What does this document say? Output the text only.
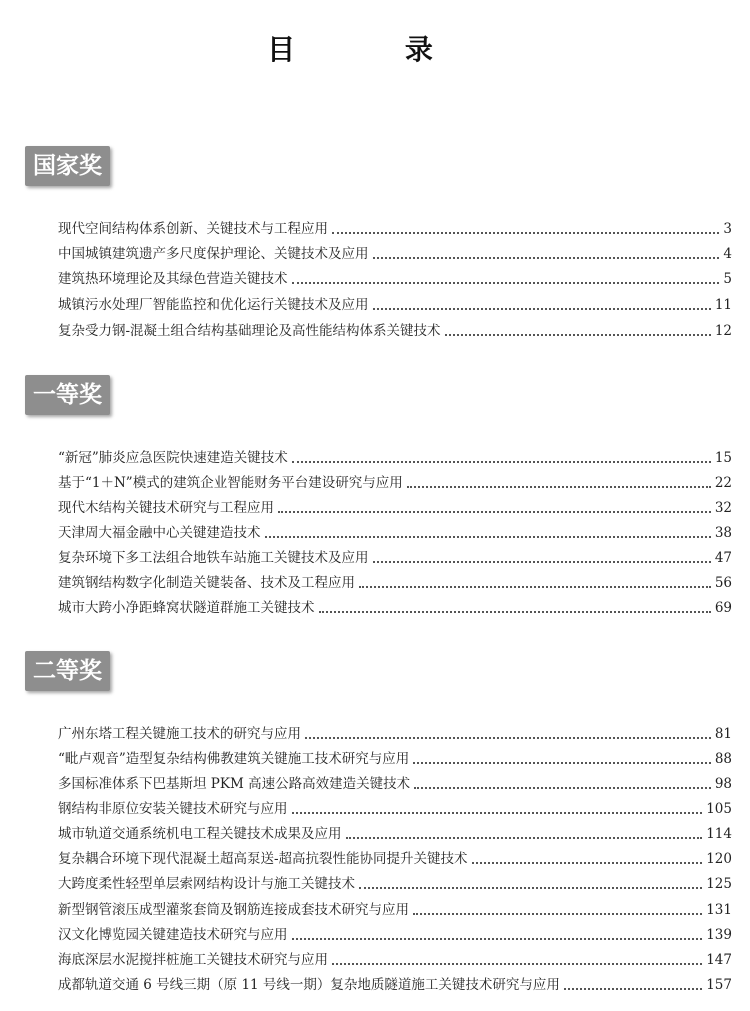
目 录
国家奖
现代空间结构体系创新、关键技术与工程应用	3
中国城镇建筑遗产多尺度保护理论、关键技术及应用	4
建筑热环境理论及其绿色营造关键技术	5
城镇污水处理厂智能监控和优化运行关键技术及应用	11
复杂受力钢-混凝土组合结构基础理论及高性能结构体系关键技术	12
一等奖
“新冠”肺炎应急医院快速建造关键技术	15
基于“1＋N”模式的建筑企业智能财务平台建设研究与应用	22
现代木结构关键技术研究与工程应用	32
天津周大福金融中心关键建造技术	38
复杂环境下多工法组合地铁车站施工关键技术及应用	47
建筑钢结构数字化制造关键装备、技术及工程应用	56
城市大跨小净距蜂窝状隧道群施工关键技术	69
二等奖
广州东塔工程关键施工技术的研究与应用	81
“毗卢观音”造型复杂结构佛教建筑关键施工技术研究与应用	88
多国标准体系下巴基斯坦 PKM 高速公路高效建造关键技术	98
钢结构非原位安装关键技术研究与应用	105
城市轨道交通系统机电工程关键技术成果及应用	114
复杂耦合环境下现代混凝土超高泵送-超高抗裂性能协同提升关键技术	120
大跨度柔性轻型单层索网结构设计与施工关键技术	125
新型钢管滚压成型灌浆套筒及钢筋连接成套技术研究与应用	131
汉文化博览园关键建造技术研究与应用	139
海底深层水泥搅拌桩施工关键技术研究与应用	147
成都轨道交通 6 号线三期（原 11 号线一期）复杂地质隧道施工关键技术研究与应用	157
